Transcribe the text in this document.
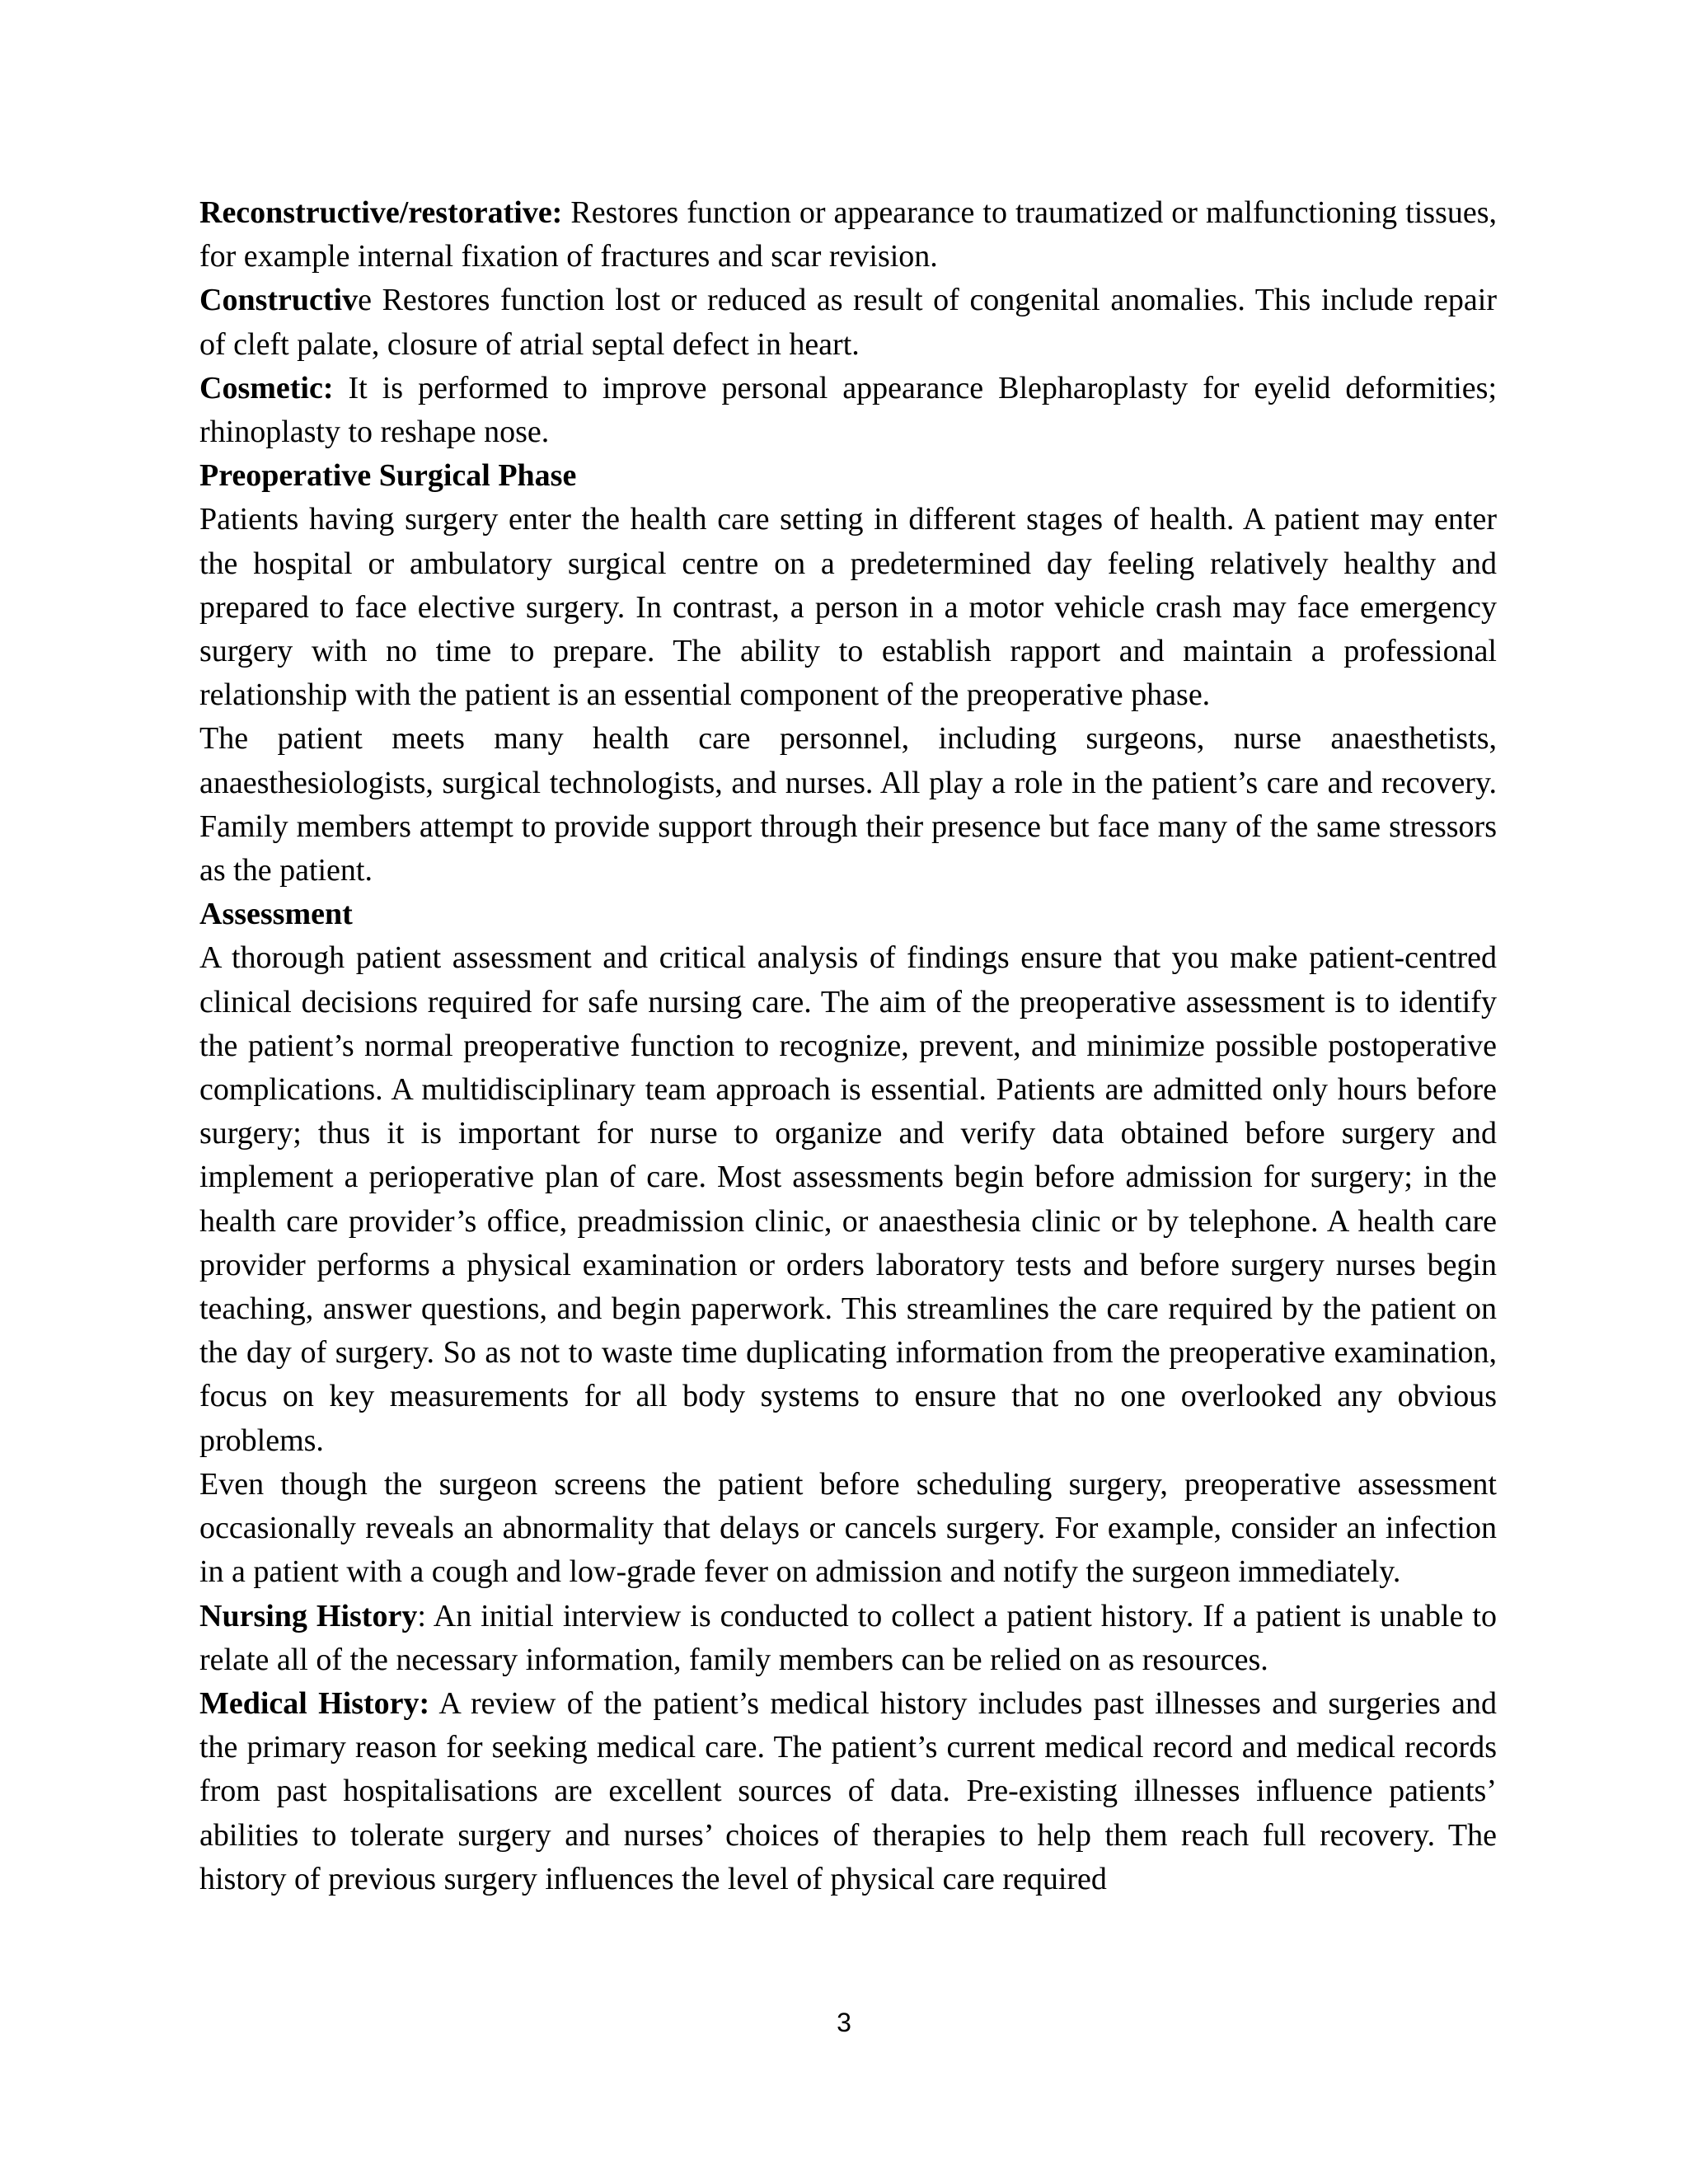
Reconstructive/restorative: Restores function or appearance to traumatized or malfunctioning tissues, for example internal fixation of fractures and scar revision.

Constructive Restores function lost or reduced as result of congenital anomalies. This include repair of cleft palate, closure of atrial septal defect in heart.

Cosmetic: It is performed to improve personal appearance Blepharoplasty for eyelid deformities; rhinoplasty to reshape nose.

Preoperative Surgical Phase

Patients having surgery enter the health care setting in different stages of health. A patient may enter the hospital or ambulatory surgical centre on a predetermined day feeling relatively healthy and prepared to face elective surgery. In contrast, a person in a motor vehicle crash may face emergency surgery with no time to prepare. The ability to establish rapport and maintain a professional relationship with the patient is an essential component of the preoperative phase.

The patient meets many health care personnel, including surgeons, nurse anaesthetists, anaesthesiologists, surgical technologists, and nurses. All play a role in the patient’s care and recovery. Family members attempt to provide support through their presence but face many of the same stressors as the patient.

Assessment

A thorough patient assessment and critical analysis of findings ensure that you make patient-centred clinical decisions required for safe nursing care. The aim of the preoperative assessment is to identify the patient’s normal preoperative function to recognize, prevent, and minimize possible postoperative complications. A multidisciplinary team approach is essential. Patients are admitted only hours before surgery; thus it is important for nurse to organize and verify data obtained before surgery and implement a perioperative plan of care. Most assessments begin before admission for surgery; in the health care provider’s office, preadmission clinic, or anaesthesia clinic or by telephone. A health care provider performs a physical examination or orders laboratory tests and before surgery nurses begin teaching, answer questions, and begin paperwork. This streamlines the care required by the patient on the day of surgery. So as not to waste time duplicating information from the preoperative examination, focus on key measurements for all body systems to ensure that no one overlooked any obvious problems.

Even though the surgeon screens the patient before scheduling surgery, preoperative assessment occasionally reveals an abnormality that delays or cancels surgery. For example, consider an infection in a patient with a cough and low-grade fever on admission and notify the surgeon immediately.

Nursing History: An initial interview is conducted to collect a patient history. If a patient is unable to relate all of the necessary information, family members can be relied on as resources.

Medical History: A review of the patient’s medical history includes past illnesses and surgeries and the primary reason for seeking medical care. The patient’s current medical record and medical records from past hospitalisations are excellent sources of data. Pre-existing illnesses influence patients’ abilities to tolerate surgery and nurses’ choices of therapies to help them reach full recovery. The history of previous surgery influences the level of physical care required

3
